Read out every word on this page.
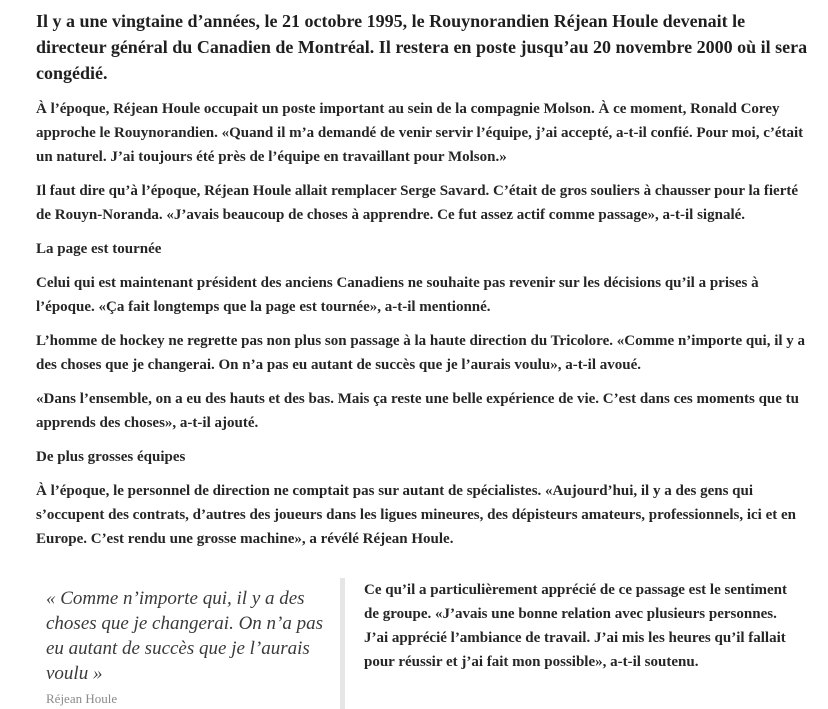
Il y a une vingtaine d’années, le 21 octobre 1995, le Rouynorandien Réjean Houle devenait le directeur général du Canadien de Montréal. Il restera en poste jusqu’au 20 novembre 2000 où il sera congédié.

À l’époque, Réjean Houle occupait un poste important au sein de la compagnie Molson. À ce moment, Ronald Corey approche le Rouynorandien. «Quand il m’a demandé de venir servir l’équipe, j’ai accepté, a-t-il confié. Pour moi, c’était un naturel. J’ai toujours été près de l’équipe en travaillant pour Molson.»

Il faut dire qu’à l’époque, Réjean Houle allait remplacer Serge Savard. C’était de gros souliers à chausser pour la fierté de Rouyn-Noranda. «J’avais beaucoup de choses à apprendre. Ce fut assez actif comme passage», a-t-il signalé.

La page est tournée

Celui qui est maintenant président des anciens Canadiens ne souhaite pas revenir sur les décisions qu’il a prises à l’époque. «Ça fait longtemps que la page est tournée», a-t-il mentionné.

L’homme de hockey ne regrette pas non plus son passage à la haute direction du Tricolore. «Comme n’importe qui, il y a des choses que je changerai. On n’a pas eu autant de succès que je l’aurais voulu», a-t-il avoué.

«Dans l’ensemble, on a eu des hauts et des bas. Mais ça reste une belle expérience de vie. C’est dans ces moments que tu apprends des choses», a-t-il ajouté.

De plus grosses équipes

À l’époque, le personnel de direction ne comptait pas sur autant de spécialistes. «Aujourd’hui, il y a des gens qui s’occupent des contrats, d’autres des joueurs dans les ligues mineures, des dépisteurs amateurs, professionnels, ici et en Europe. C’est rendu une grosse machine», a révélé Réjean Houle.

« Comme n’importe qui, il y a des choses que je changerai. On n’a pas eu autant de succès que je l’aurais voulu »

Réjean Houle

Ce qu’il a particulièrement apprécié de ce passage est le sentiment de groupe. «J’avais une bonne relation avec plusieurs personnes. J’ai apprécié l’ambiance de travail. J’ai mis les heures qu’il fallait pour réussir et j’ai fait mon possible», a-t-il soutenu.
